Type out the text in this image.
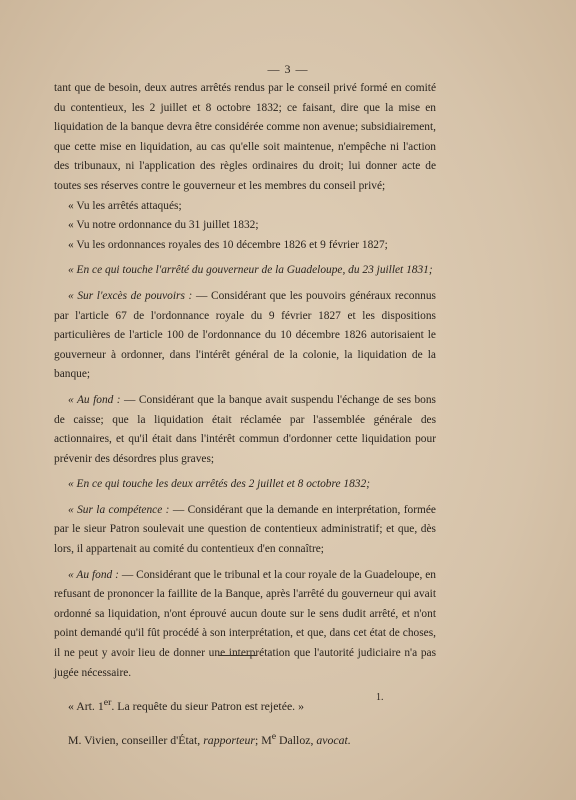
— 3 —

tant que de besoin, deux autres arrêtés rendus par le conseil privé formé en comité du contentieux, les 2 juillet et 8 octobre 1832; ce faisant, dire que la mise en liquidation de la banque devra être considérée comme non avenue; subsidiairement, que cette mise en liquidation, au cas qu'elle soit maintenue, n'empêche ni l'action des tribunaux, ni l'application des règles ordinaires du droit; lui donner acte de toutes ses réserves contre le gouverneur et les membres du conseil privé;

« Vu les arrêtés attaqués;

« Vu notre ordonnance du 31 juillet 1832;

« Vu les ordonnances royales des 10 décembre 1826 et 9 février 1827;

« En ce qui touche l'arrêté du gouverneur de la Guadeloupe, du 23 juillet 1831;

« Sur l'excès de pouvoirs : — Considérant que les pouvoirs généraux reconnus par l'article 67 de l'ordonnance royale du 9 février 1827 et les dispositions particulières de l'article 100 de l'ordonnance du 10 décembre 1826 autorisaient le gouverneur à ordonner, dans l'intérêt général de la colonie, la liquidation de la banque;

« Au fond : — Considérant que la banque avait suspendu l'échange de ses bons de caisse; que la liquidation était réclamée par l'assemblée générale des actionnaires, et qu'il était dans l'intérêt commun d'ordonner cette liquidation pour prévenir des désordres plus graves;

« En ce qui touche les deux arrêtés des 2 juillet et 8 octobre 1832;

« Sur la compétence : — Considérant que la demande en interprétation, formée par le sieur Patron soulevait une question de contentieux administratif; et que, dès lors, il appartenait au comité du contentieux d'en connaître;

« Au fond : — Considérant que le tribunal et la cour royale de la Guadeloupe, en refusant de prononcer la faillite de la Banque, après l'arrêté du gouverneur qui avait ordonné sa liquidation, n'ont éprouvé aucun doute sur le sens dudit arrêté, et n'ont point demandé qu'il fût procédé à son interprétation, et que, dans cet état de choses, il ne peut y avoir lieu de donner une interprétation que l'autorité judiciaire n'a pas jugée nécessaire.

« Art. 1er. La requête du sieur Patron est rejetée. »

M. Vivien, conseiller d'État, rapporteur; Me Dalloz, avocat.

1.
